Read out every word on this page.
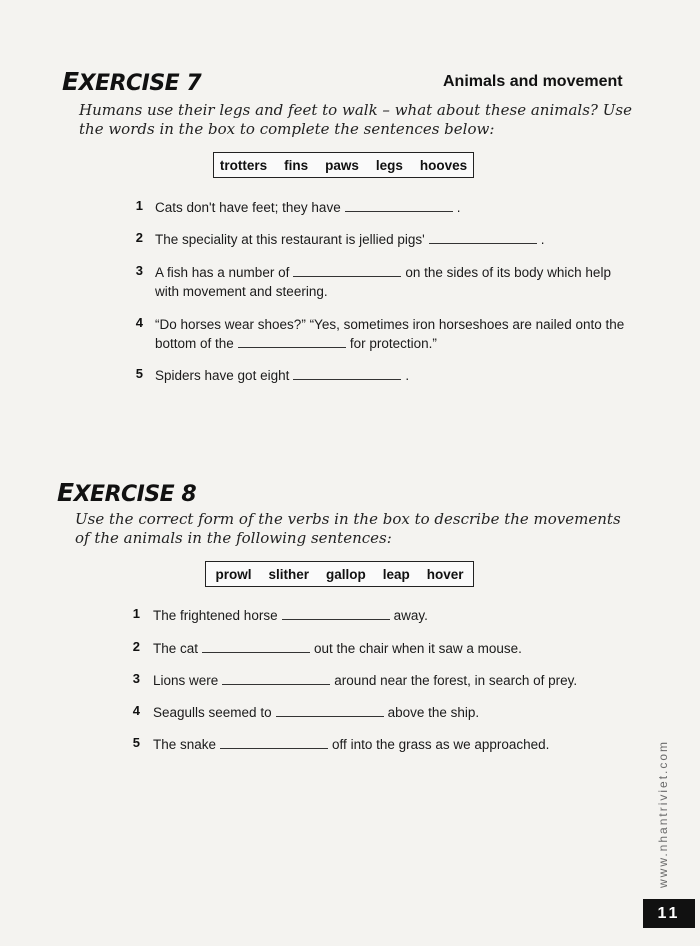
EXERCISE 7	Animals and movement
Humans use their legs and feet to walk – what about these animals? Use the words in the box to complete the sentences below:
trotters fins paws legs hooves
1 Cats don't have feet; they have	.
2 The speciality at this restaurant is jellied pigs'	.
3 A fish has a number of	on the sides of its body which help
with movement and steering.
4 “Do horses wear shoes?” “Yes, sometimes iron horseshoes are nailed onto the
bottom of the	for protection.”
5 Spiders have got eight	.
EXERCISE 8
Use the correct form of the verbs in the box to describe the movements of the animals in the following sentences:
prowl slither gallop leap hover
1 The frightened horse	away.
2 The cat	out the chair when it saw a mouse.
3 Lions were	around near the forest, in search of prey.
4 Seagulls seemed to	above the ship.
5 The snake	off into the grass as we approached.	www.nhantriviet.com
11
